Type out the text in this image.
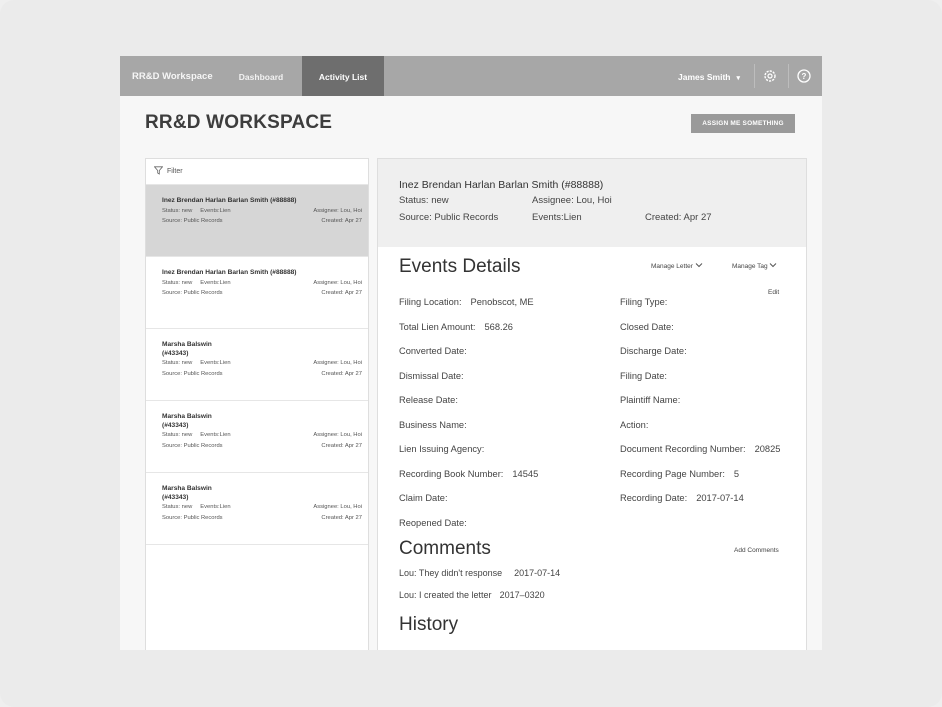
RR&D Workspace	Dashboard	Activity List	James Smith ▾	?
RR&D WORKSPACE	ASSIGN ME SOMETHING
Filter
Inez Brendan Harlan Barlan Smith (#88888)
Status: new Events:Lien	Assignee: Lou, Hoi
Source: Public Records	Created: Apr 27
Inez Brendan Harlan Barlan Smith (#88888)
Status: new Events:Lien	Assignee: Lou, Hoi
Source: Public Records	Created: Apr 27
Marsha Balswin (#43343)
Status: new Events:Lien	Assignee: Lou, Hoi
Source: Public Records	Created: Apr 27
Marsha Balswin (#43343)
Status: new Events:Lien	Assignee: Lou, Hoi
Source: Public Records	Created: Apr 27
Marsha Balswin (#43343)
Status: new Events:Lien	Assignee: Lou, Hoi
Source: Public Records	Created: Apr 27
Inez Brendan Harlan Barlan Smith (#88888)
Status: new	Assignee: Lou, Hoi
Source: Public Records	Events:Lien	Created: Apr 27
Events Details	Manage Letter	Manage Tag
Edit
Filing Location: Penobscot, ME
Total Lien Amount: 568.26
Converted Date:
Dismissal Date:
Release Date:
Business Name:
Lien Issuing Agency:
Recording Book Number: 14545
Claim Date:
Reopened Date:
Filing Type:
Closed Date:
Discharge Date:
Filing Date:
Plaintiff Name:
Action:
Document Recording Number: 20825
Recording Page Number: 5
Recording Date: 2017-07-14
Comments	Add Comments
Lou: They didn't response 2017-07-14
Lou: I created the letter 2017–0320
History
